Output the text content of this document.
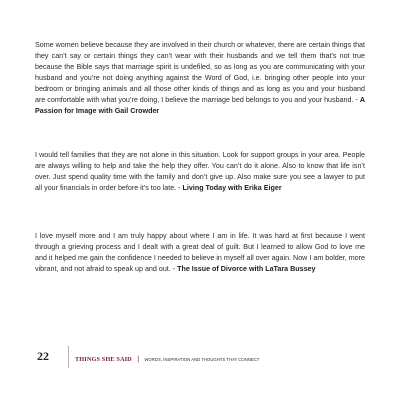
Some women believe because they are involved in their church or whatever, there are certain things that they can’t say or certain things they can’t wear with their husbands and we tell them that’s not true because the Bible says that marriage spirit is undefiled, so as long as you are communicating with your husband and you’re not doing anything against the Word of God, i.e. bringing other people into your bedroom or bringing animals and all those other kinds of things and as long as you and your husband are comfortable with what you’re doing, I believe the marriage bed belongs to you and your husband. - A Passion for Image with Gail Crowder

I would tell families that they are not alone in this situation. Look for support groups in your area. People are always willing to help and take the help they offer. You can’t do it alone. Also to know that life isn’t over. Just spend quality time with the family and don’t give up. Also make sure you see a lawyer to put all your financials in order before it’s too late. - Living Today with Erika Eiger

I love myself more and I am truly happy about where I am in life. It was hard at first because I went through a grieving process and I dealt with a great deal of guilt. But I learned to allow God to love me and it helped me gain the confidence I needed to believe in myself all over again. Now I am bolder, more vibrant, and not afraid to speak up and out. - The Issue of Divorce with LaTara Bussey

22	THINGS SHE SAID | WORDS, INSPIRATION AND THOUGHTS THAT CONNECT
